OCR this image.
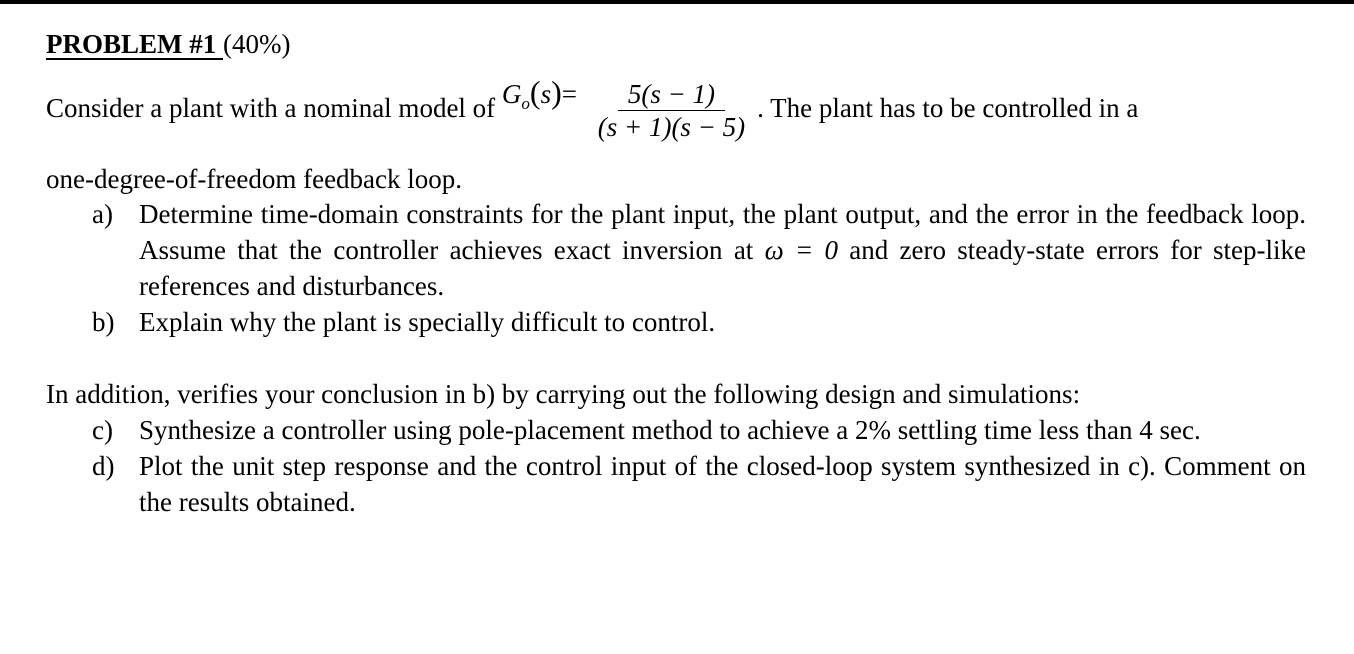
PROBLEM #1 (40%)
Consider a plant with a nominal model of
$G_o(s)= \frac{5(s - 1)}{(s + 1)(s - 5)}$ . The plant has to be controlled in a
one-degree-of-freedom feedback loop.
a) Determine time-domain constraints for the plant input, the plant output, and the error in the feedback loop. Assume that the controller achieves exact inversion at ω = 0 and zero steady-state errors for step-like references and disturbances.
b) Explain why the plant is specially difficult to control.
In addition, verifies your conclusion in b) by carrying out the following design and simulations:
c) Synthesize a controller using pole-placement method to achieve a 2% settling time less than 4 sec.
d) Plot the unit step response and the control input of the closed-loop system synthesized in c). Comment on the results obtained.
